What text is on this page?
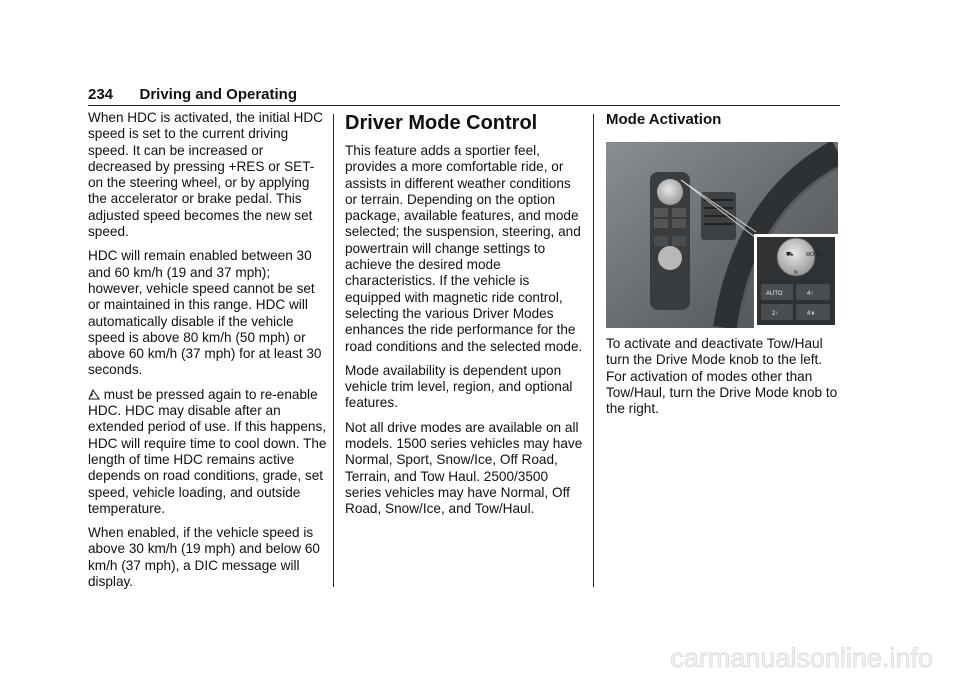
234 Driving and Operating

When HDC is activated, the initial HDC speed is set to the current driving speed. It can be increased or decreased by pressing +RES or SET- on the steering wheel, or by applying the accelerator or brake pedal. This adjusted speed becomes the new set speed.

HDC will remain enabled between 30 and 60 km/h (19 and 37 mph); however, vehicle speed cannot be set or maintained in this range. HDC will automatically disable if the vehicle speed is above 80 km/h (50 mph) or above 60 km/h (37 mph) for at least 30 seconds.

must be pressed again to re-enable HDC. HDC may disable after an extended period of use. If this happens, HDC will require time to cool down. The length of time HDC remains active depends on road conditions, grade, set speed, vehicle loading, and outside temperature.

When enabled, if the vehicle speed is above 30 km/h (19 mph) and below 60 km/h (37 mph), a DIC message will display.

Driver Mode Control

This feature adds a sportier feel, provides a more comfortable ride, or assists in different weather conditions or terrain. Depending on the option package, available features, and mode selected; the suspension, steering, and powertrain will change settings to achieve the desired mode characteristics. If the vehicle is equipped with magnetic ride control, selecting the various Driver Modes enhances the ride performance for the road conditions and the selected mode.

Mode availability is dependent upon vehicle trim level, region, and optional features.

Not all drive modes are available on all models. 1500 series vehicles may have Normal, Sport, Snow/Ice, Off Road, Terrain, and Tow Haul. 2500/3500 series vehicles may have Normal, Off Road, Snow/Ice, and Tow/Haul.

Mode Activation
MODE
⛟
N
AUTO	4↑
2↑	4↡

To activate and deactivate Tow/Haul turn the Drive Mode knob to the left. For activation of modes other than Tow/Haul, turn the Drive Mode knob to the right.

carmanualsonline.info
